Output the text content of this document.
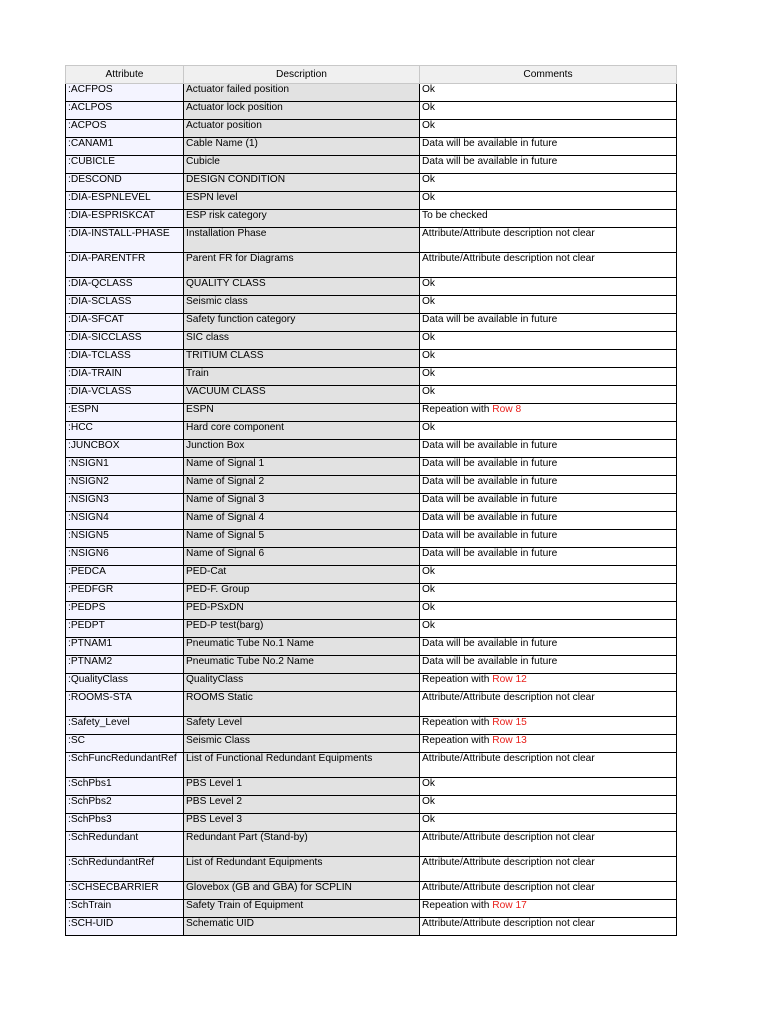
Attribute	Description	Comments
:ACFPOS	Actuator failed position	Ok
:ACLPOS	Actuator lock position	Ok
:ACPOS	Actuator position	Ok
:CANAM1	Cable Name (1)	Data will be available in future
:CUBICLE	Cubicle	Data will be available in future
:DESCOND	DESIGN CONDITION	Ok
:DIA-ESPNLEVEL	ESPN level	Ok
:DIA-ESPRISKCAT	ESP risk category	To be checked
:DIA-INSTALL-PHASE	Installation Phase	Attribute/Attribute description not clear
:DIA-PARENTFR	Parent FR for Diagrams	Attribute/Attribute description not clear
:DIA-QCLASS	QUALITY CLASS	Ok
:DIA-SCLASS	Seismic class	Ok
:DIA-SFCAT	Safety function category	Data will be available in future
:DIA-SICCLASS	SIC class	Ok
:DIA-TCLASS	TRITIUM CLASS	Ok
:DIA-TRAIN	Train	Ok
:DIA-VCLASS	VACUUM CLASS	Ok
:ESPN	ESPN	Repeation with Row 8
:HCC	Hard core component	Ok
:JUNCBOX	Junction Box	Data will be available in future
:NSIGN1	Name of Signal 1	Data will be available in future
:NSIGN2	Name of Signal 2	Data will be available in future
:NSIGN3	Name of Signal 3	Data will be available in future
:NSIGN4	Name of Signal 4	Data will be available in future
:NSIGN5	Name of Signal 5	Data will be available in future
:NSIGN6	Name of Signal 6	Data will be available in future
:PEDCA	PED-Cat	Ok
:PEDFGR	PED-F. Group	Ok
:PEDPS	PED-PSxDN	Ok
:PEDPT	PED-P test(barg)	Ok
:PTNAM1	Pneumatic Tube No.1 Name	Data will be available in future
:PTNAM2	Pneumatic Tube No.2 Name	Data will be available in future
:QualityClass	QualityClass	Repeation with Row 12
:ROOMS-STA	ROOMS Static	Attribute/Attribute description not clear
:Safety_Level	Safety Level	Repeation with Row 15
:SC	Seismic Class	Repeation with Row 13
:SchFuncRedundantRef	List of Functional Redundant Equipments	Attribute/Attribute description not clear
:SchPbs1	PBS Level 1	Ok
:SchPbs2	PBS Level 2	Ok
:SchPbs3	PBS Level 3	Ok
:SchRedundant	Redundant Part (Stand-by)	Attribute/Attribute description not clear
:SchRedundantRef	List of Redundant Equipments	Attribute/Attribute description not clear
:SCHSECBARRIER	Glovebox (GB and GBA) for SCPLIN	Attribute/Attribute description not clear
:SchTrain	Safety Train of Equipment	Repeation with Row 17
:SCH-UID	Schematic UID	Attribute/Attribute description not clear
